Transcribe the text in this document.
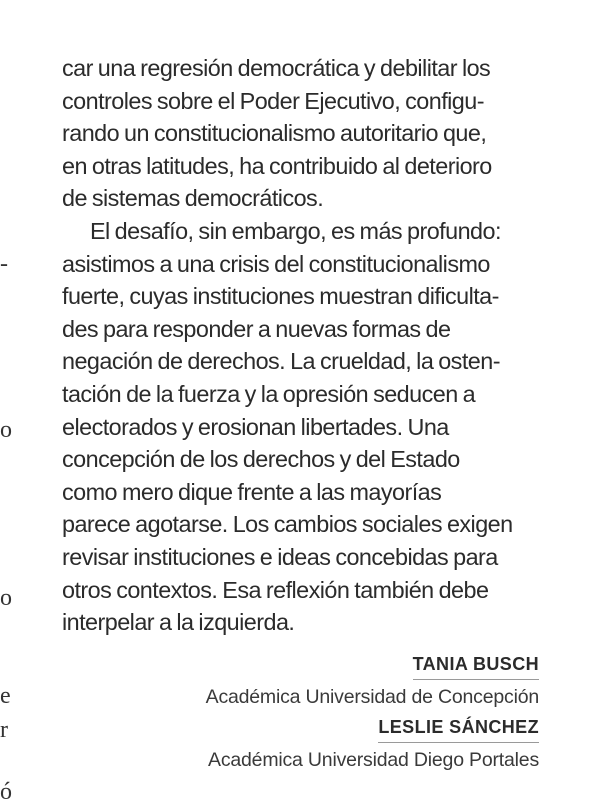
-
o
o
e
r
ó

car una regresión democrática y debilitar los
controles sobre el Poder Ejecutivo, configu-
rando un constitucionalismo autoritario que,
en otras latitudes, ha contribuido al deterioro
de sistemas democráticos.

El desafío, sin embargo, es más profundo:
asistimos a una crisis del constitucionalismo
fuerte, cuyas instituciones muestran dificulta-
des para responder a nuevas formas de
negación de derechos. La crueldad, la osten-
tación de la fuerza y la opresión seducen a
electorados y erosionan libertades. Una
concepción de los derechos y del Estado
como mero dique frente a las mayorías
parece agotarse. Los cambios sociales exigen
revisar instituciones e ideas concebidas para
otros contextos. Esa reflexión también debe
interpelar a la izquierda.

TANIA BUSCH
Académica Universidad de Concepción
LESLIE SÁNCHEZ
Académica Universidad Diego Portales
